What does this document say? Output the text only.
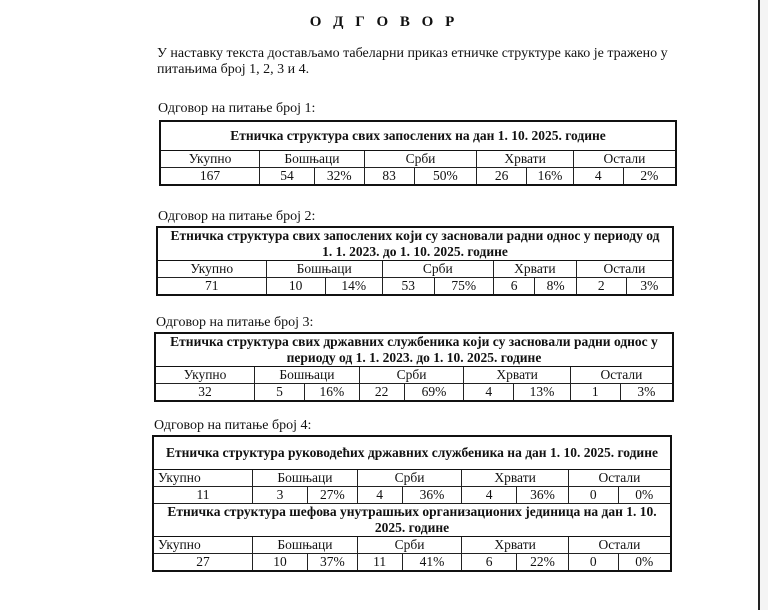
О Д Г О В О Р
У наставку текста достављамо табеларни приказ етничке структуре како је тражено у питањима број 1, 2, 3 и 4.
Одговор на питање број 1:
Етничка структура свих запослених на дан 1. 10. 2025. године								
Укупно	Бошњаци		Срби		Хрвати		Остали	
167	54	32%	83	50%	26	16%	4	2%
Одговор на питање број 2:
Етничка структура свих запослених који су засновали радни однос у периоду од 1. 1. 2023. до 1. 10. 2025. године								
Укупно	Бошњаци		Срби		Хрвати		Остали	
71	10	14%	53	75%	6	8%	2	3%
Одговор на питање број 3:
Етничка структура свих државних службеника који су засновали радни однос у периоду од 1. 1. 2023. до 1. 10. 2025. године								
Укупно	Бошњаци		Срби		Хрвати		Остали	
32	5	16%	22	69%	4	13%	1	3%
Одговор на питање број 4:
Етничка структура руководећих државних службеника на дан 1. 10. 2025. године								
Укупно	Бошњаци		Срби		Хрвати		Остали	
11	3	27%	4	36%	4	36%	0	0%
Етничка структура шефова унутрашњих организационих јединица на дан 1. 10. 2025. године								
Укупно	Бошњаци		Срби		Хрвати		Остали	
27	10	37%	11	41%	6	22%	0	0%
